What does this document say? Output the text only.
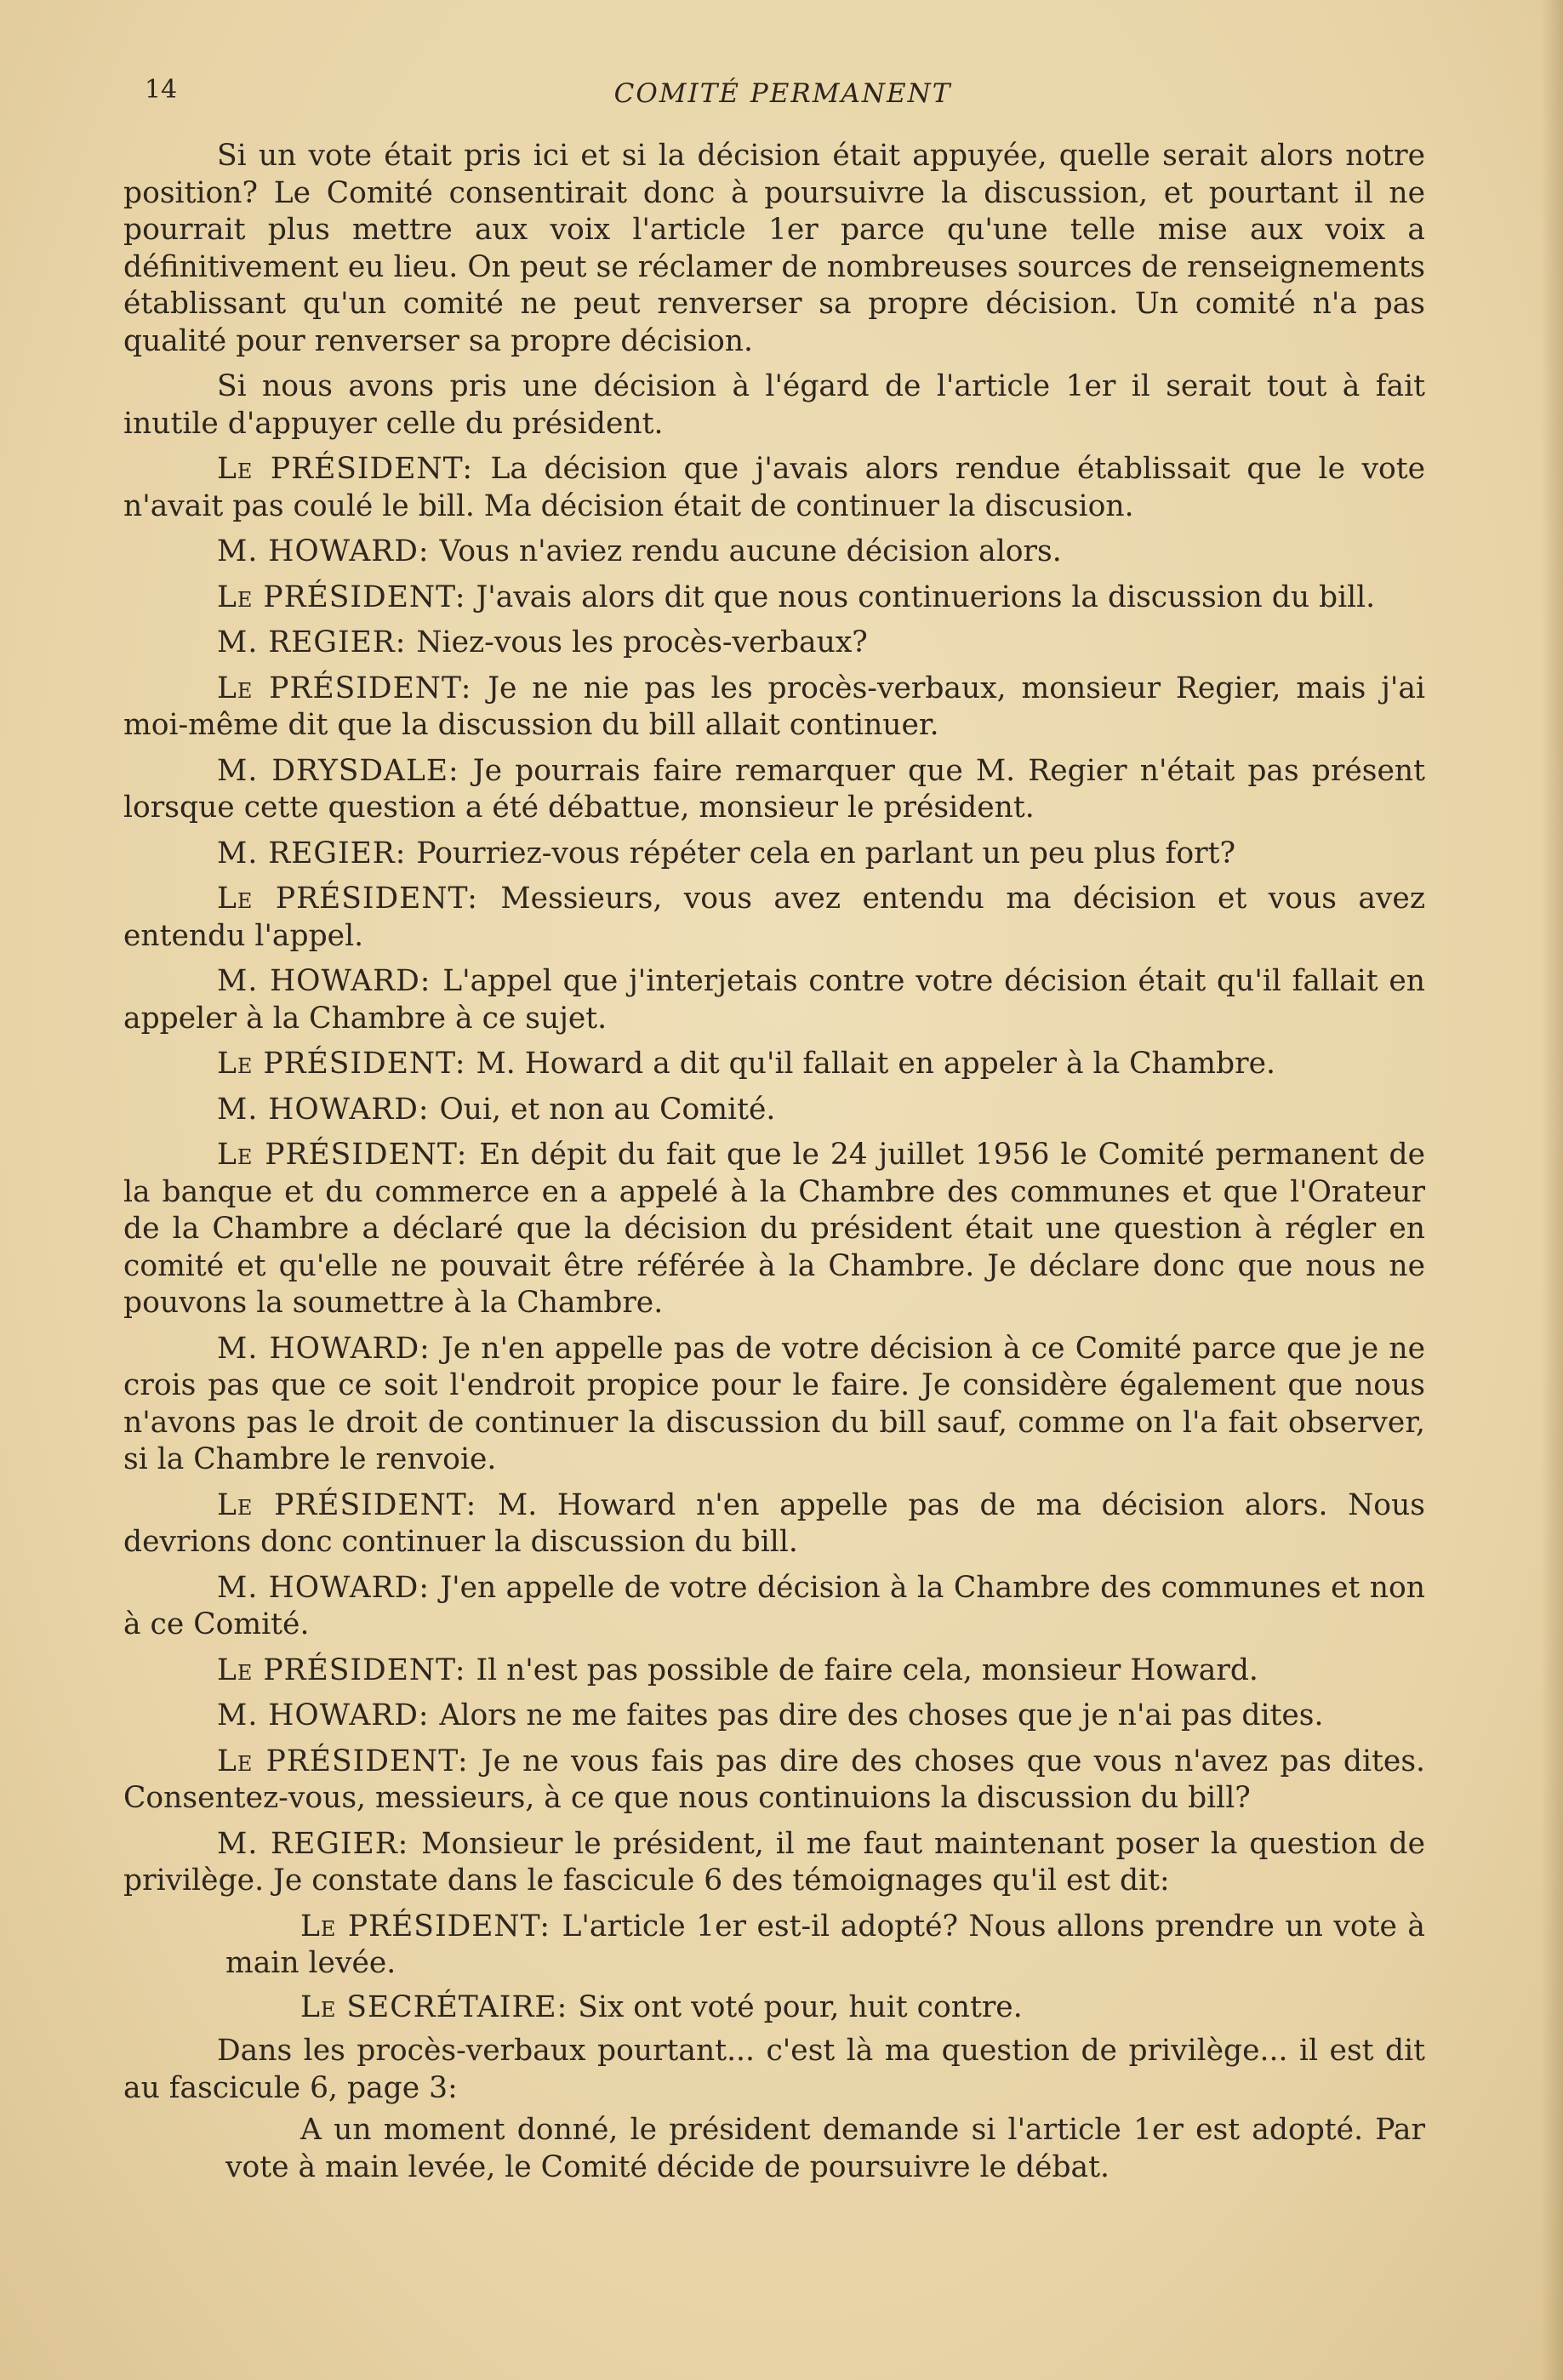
14	COMITÉ PERMANENT

Si un vote était pris ici et si la décision était appuyée, quelle serait alors notre position? Le Comité consentirait donc à poursuivre la discussion, et pourtant il ne pourrait plus mettre aux voix l'article 1er parce qu'une telle mise aux voix a définitivement eu lieu. On peut se réclamer de nombreuses sources de renseignements établissant qu'un comité ne peut renverser sa propre décision. Un comité n'a pas qualité pour renverser sa propre décision.

Si nous avons pris une décision à l'égard de l'article 1er il serait tout à fait inutile d'appuyer celle du président.

Le PRÉSIDENT: La décision que j'avais alors rendue établissait que le vote n'avait pas coulé le bill. Ma décision était de continuer la discusion.

M. HOWARD: Vous n'aviez rendu aucune décision alors.

Le PRÉSIDENT: J'avais alors dit que nous continuerions la discussion du bill.

M. REGIER: Niez-vous les procès-verbaux?

Le PRÉSIDENT: Je ne nie pas les procès-verbaux, monsieur Regier, mais j'ai moi-même dit que la discussion du bill allait continuer.

M. DRYSDALE: Je pourrais faire remarquer que M. Regier n'était pas présent lorsque cette question a été débattue, monsieur le président.

M. REGIER: Pourriez-vous répéter cela en parlant un peu plus fort?

Le PRÉSIDENT: Messieurs, vous avez entendu ma décision et vous avez entendu l'appel.

M. HOWARD: L'appel que j'interjetais contre votre décision était qu'il fallait en appeler à la Chambre à ce sujet.

Le PRÉSIDENT: M. Howard a dit qu'il fallait en appeler à la Chambre.

M. HOWARD: Oui, et non au Comité.

Le PRÉSIDENT: En dépit du fait que le 24 juillet 1956 le Comité permanent de la banque et du commerce en a appelé à la Chambre des communes et que l'Orateur de la Chambre a déclaré que la décision du président était une question à régler en comité et qu'elle ne pouvait être référée à la Chambre. Je déclare donc que nous ne pouvons la soumettre à la Chambre.

M. HOWARD: Je n'en appelle pas de votre décision à ce Comité parce que je ne crois pas que ce soit l'endroit propice pour le faire. Je considère également que nous n'avons pas le droit de continuer la discussion du bill sauf, comme on l'a fait observer, si la Chambre le renvoie.

Le PRÉSIDENT: M. Howard n'en appelle pas de ma décision alors. Nous devrions donc continuer la discussion du bill.

M. HOWARD: J'en appelle de votre décision à la Chambre des communes et non à ce Comité.

Le PRÉSIDENT: Il n'est pas possible de faire cela, monsieur Howard.

M. HOWARD: Alors ne me faites pas dire des choses que je n'ai pas dites.

Le PRÉSIDENT: Je ne vous fais pas dire des choses que vous n'avez pas dites. Consentez-vous, messieurs, à ce que nous continuions la discussion du bill?

M. REGIER: Monsieur le président, il me faut maintenant poser la question de privilège. Je constate dans le fascicule 6 des témoignages qu'il est dit:

Le PRÉSIDENT: L'article 1er est-il adopté? Nous allons prendre un vote à main levée.

Le SECRÉTAIRE: Six ont voté pour, huit contre.

Dans les procès-verbaux pourtant... c'est là ma question de privilège... il est dit au fascicule 6, page 3:

A un moment donné, le président demande si l'article 1er est adopté. Par vote à main levée, le Comité décide de poursuivre le débat.
